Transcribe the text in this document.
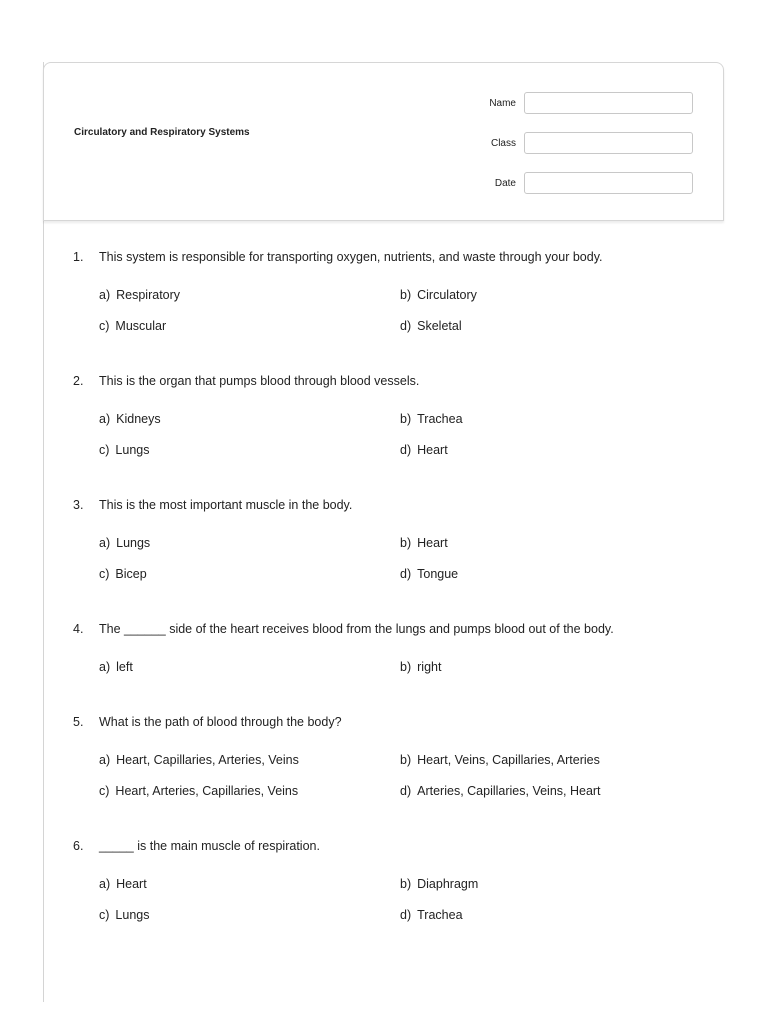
Circulatory and Respiratory Systems
Name
Class
Date
1.	This system is responsible for transporting oxygen, nutrients, and waste through your body.
a) Respiratory	b) Circulatory
c) Muscular	d) Skeletal
2.	This is the organ that pumps blood through blood vessels.
a) Kidneys	b) Trachea
c) Lungs	d) Heart
3.	This is the most important muscle in the body.
a) Lungs	b) Heart
c) Bicep	d) Tongue
4.	The ______ side of the heart receives blood from the lungs and pumps blood out of the body.
a) left	b) right
5.	What is the path of blood through the body?
a) Heart, Capillaries, Arteries, Veins	b) Heart, Veins, Capillaries, Arteries
c) Heart, Arteries, Capillaries, Veins	d) Arteries, Capillaries, Veins, Heart
6.	_____ is the main muscle of respiration.
a) Heart	b) Diaphragm
c) Lungs	d) Trachea
